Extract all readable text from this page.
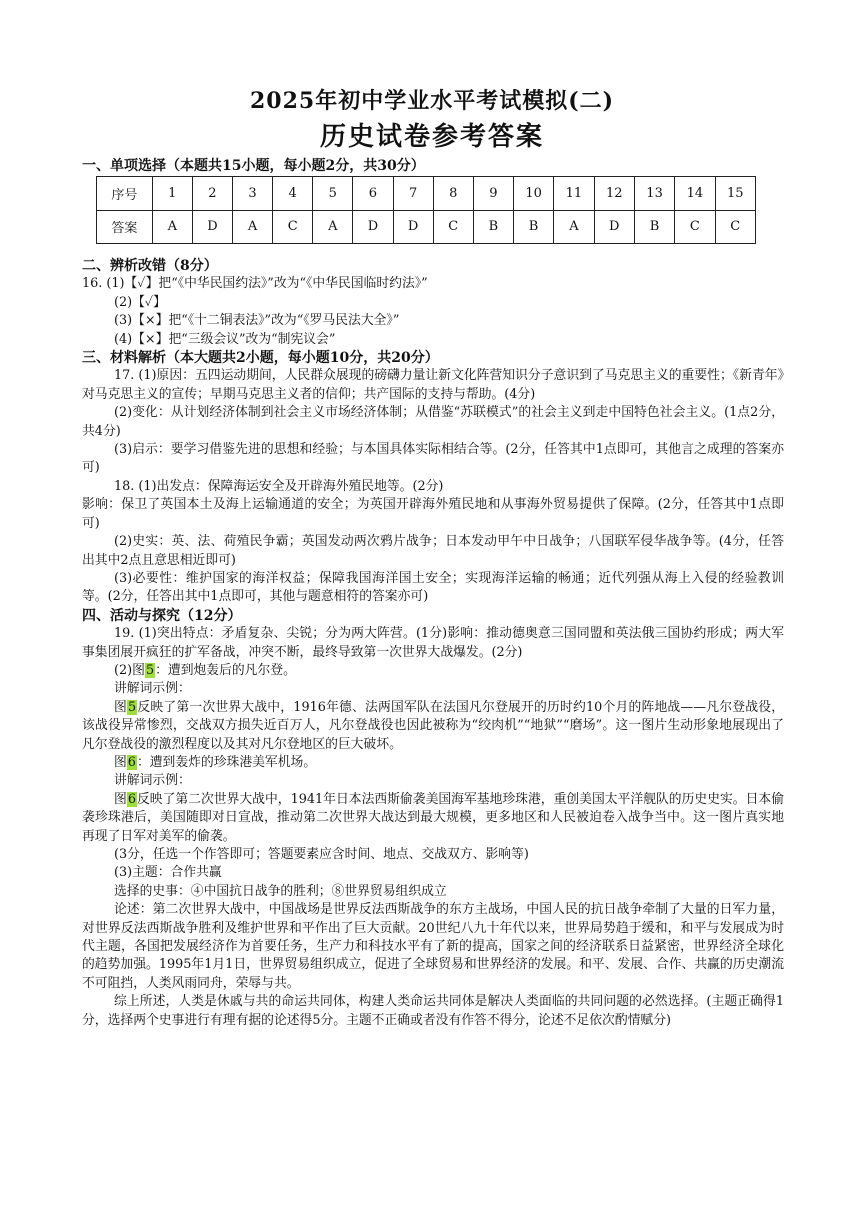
2025年初中学业水平考试模拟(二)
历史试卷参考答案
一、单项选择（本题共15小题，每小题2分，共30分）
序号	1	2	3	4	5	6	7	8	9	10	11	12	13	14	15
答案	A	D	A	C	A	D	D	C	B	B	A	D	B	C	C

二、辨析改错（8分）

16. (1)【✓】把“《中华民国约法》”改为“《中华民国临时约法》”

(2)【✓】

(3)【×】把“《十二铜表法》”改为“《罗马民法大全》”

(4)【×】把“三级会议”改为“制宪议会”

三、材料解析（本大题共2小题，每小题10分，共20分）

17. (1)原因：五四运动期间，人民群众展现的磅礴力量让新文化阵营知识分子意识到了马克思主义的重要性；《新青年》对马克思主义的宣传；早期马克思主义者的信仰；共产国际的支持与帮助。(4分)

(2)变化：从计划经济体制到社会主义市场经济体制；从借鉴“苏联模式”的社会主义到走中国特色社会主义。(1点2分，共4分)

(3)启示：要学习借鉴先进的思想和经验；与本国具体实际相结合等。(2分，任答其中1点即可，其他言之成理的答案亦可)

18. (1)出发点：保障海运安全及开辟海外殖民地等。(2分)

影响：保卫了英国本土及海上运输通道的安全；为英国开辟海外殖民地和从事海外贸易提供了保障。(2分，任答其中1点即可)

(2)史实：英、法、荷殖民争霸；英国发动两次鸦片战争；日本发动甲午中日战争；八国联军侵华战争等。(4分，任答出其中2点且意思相近即可)

(3)必要性：维护国家的海洋权益；保障我国海洋国土安全；实现海洋运输的畅通；近代列强从海上入侵的经验教训等。(2分，任答出其中1点即可，其他与题意相符的答案亦可)

四、活动与探究（12分）

19. (1)突出特点：矛盾复杂、尖锐；分为两大阵营。(1分)影响：推动德奥意三国同盟和英法俄三国协约形成；两大军事集团展开疯狂的扩军备战，冲突不断，最终导致第一次世界大战爆发。(2分)

(2)图5：遭到炮轰后的凡尔登。

讲解词示例：

图5反映了第一次世界大战中，1916年德、法两国军队在法国凡尔登展开的历时约10个月的阵地战——凡尔登战役，该战役异常惨烈，交战双方损失近百万人，凡尔登战役也因此被称为“绞肉机”“地狱”“磨场”。这一图片生动形象地展现出了凡尔登战役的激烈程度以及其对凡尔登地区的巨大破坏。

图6：遭到轰炸的珍珠港美军机场。

讲解词示例：

图6反映了第二次世界大战中，1941年日本法西斯偷袭美国海军基地珍珠港，重创美国太平洋舰队的历史史实。日本偷袭珍珠港后，美国随即对日宣战，推动第二次世界大战达到最大规模，更多地区和人民被迫卷入战争当中。这一图片真实地再现了日军对美军的偷袭。

(3分，任选一个作答即可；答题要素应含时间、地点、交战双方、影响等)

(3)主题：合作共赢

选择的史事：④中国抗日战争的胜利；⑧世界贸易组织成立

论述：第二次世界大战中，中国战场是世界反法西斯战争的东方主战场，中国人民的抗日战争牵制了大量的日军力量，对世界反法西斯战争胜利及维护世界和平作出了巨大贡献。20世纪八九十年代以来，世界局势趋于缓和，和平与发展成为时代主题，各国把发展经济作为首要任务，生产力和科技水平有了新的提高，国家之间的经济联系日益紧密，世界经济全球化的趋势加强。1995年1月1日，世界贸易组织成立，促进了全球贸易和世界经济的发展。和平、发展、合作、共赢的历史潮流不可阻挡，人类风雨同舟，荣辱与共。

综上所述，人类是休戚与共的命运共同体，构建人类命运共同体是解决人类面临的共同问题的必然选择。(主题正确得1分，选择两个史事进行有理有据的论述得5分。主题不正确或者没有作答不得分，论述不足依次酌情赋分)
